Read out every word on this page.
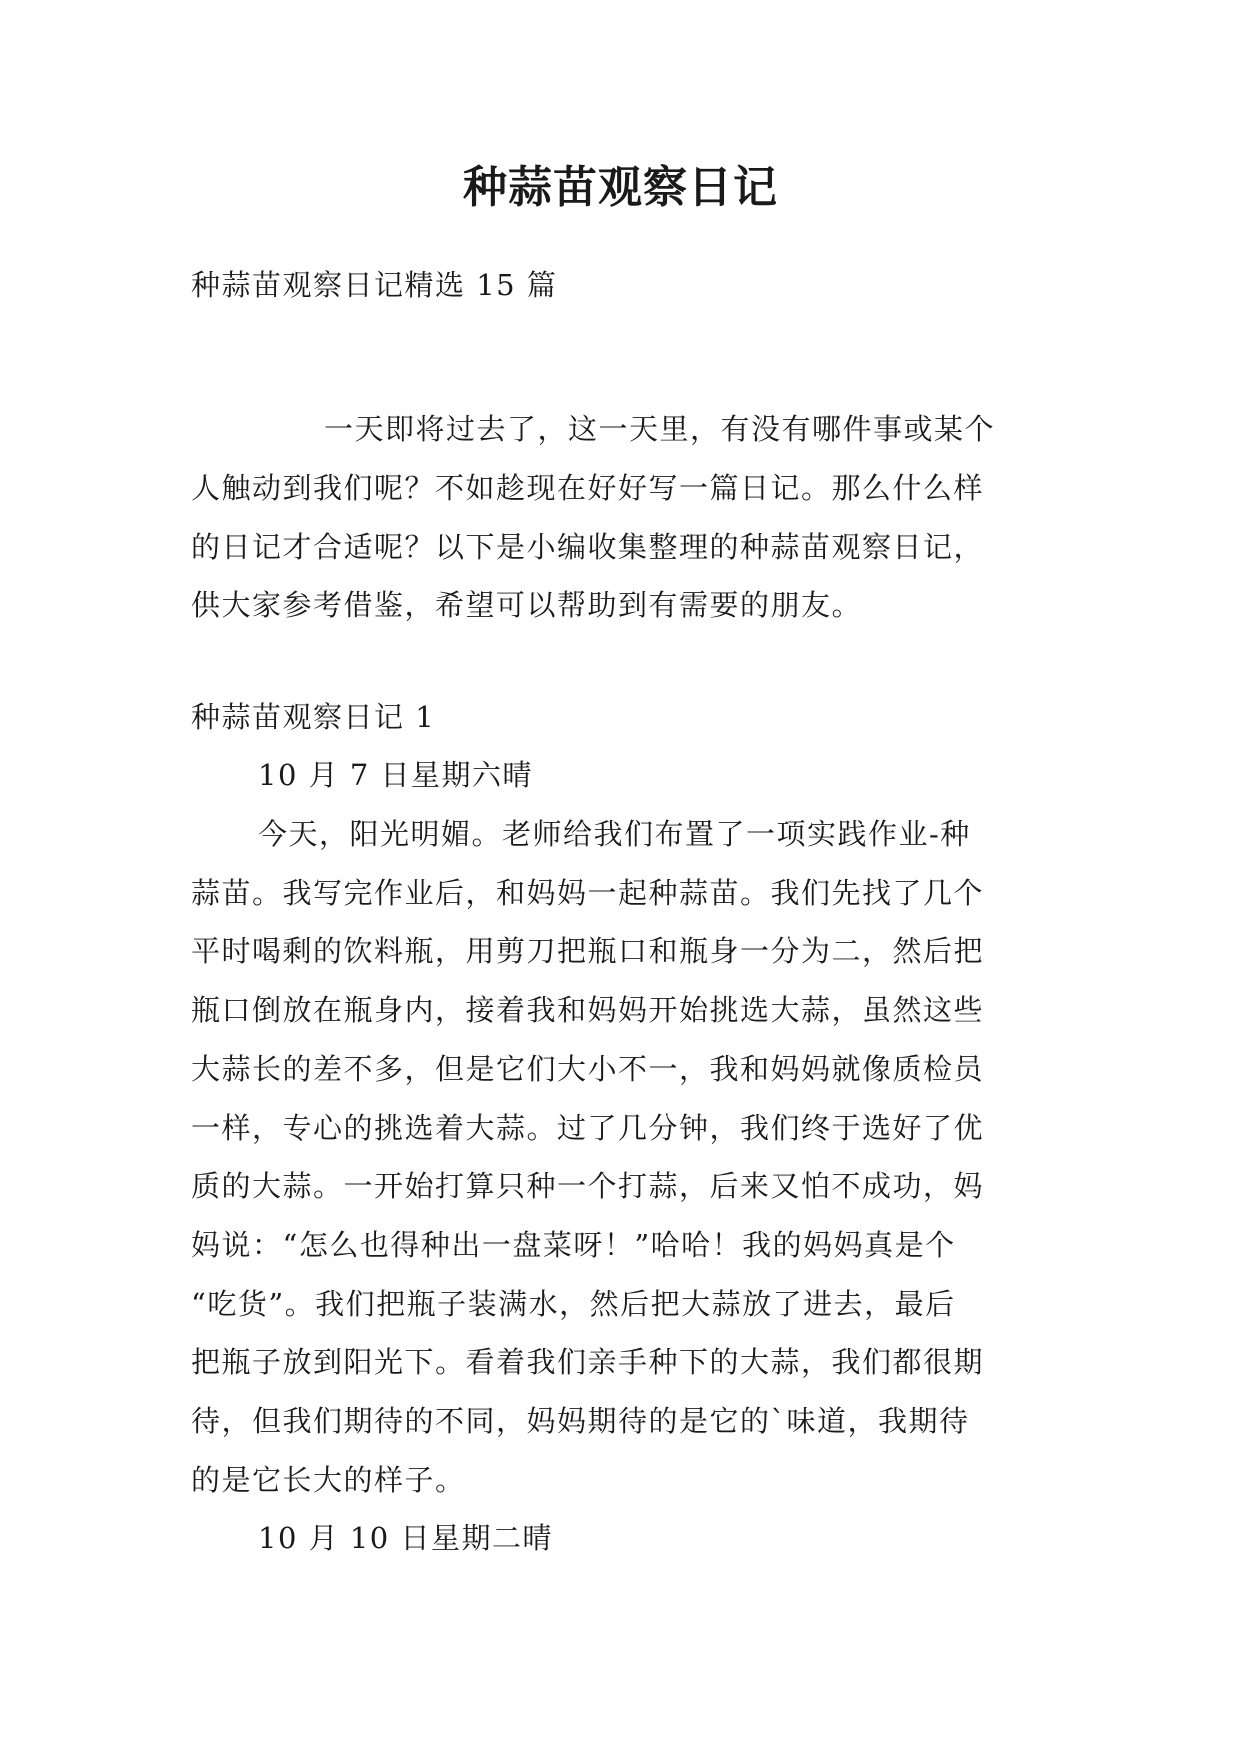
种蒜苗观察日记
种蒜苗观察日记精选 15 篇
一天即将过去了，这一天里，有没有哪件事或某个
人触动到我们呢？不如趁现在好好写一篇日记。那么什么样
的日记才合适呢？以下是小编收集整理的种蒜苗观察日记，
供大家参考借鉴，希望可以帮助到有需要的朋友。
种蒜苗观察日记 1
10 月 7 日星期六晴
今天，阳光明媚。老师给我们布置了一项实践作业-种
蒜苗。我写完作业后，和妈妈一起种蒜苗。我们先找了几个
平时喝剩的饮料瓶，用剪刀把瓶口和瓶身一分为二，然后把
瓶口倒放在瓶身内，接着我和妈妈开始挑选大蒜，虽然这些
大蒜长的差不多，但是它们大小不一，我和妈妈就像质检员
一样，专心的挑选着大蒜。过了几分钟，我们终于选好了优
质的大蒜。一开始打算只种一个打蒜，后来又怕不成功，妈
妈说：“怎么也得种出一盘菜呀！”哈哈！我的妈妈真是个
“吃货”。我们把瓶子装满水，然后把大蒜放了进去，最后
把瓶子放到阳光下。看着我们亲手种下的大蒜，我们都很期
待，但我们期待的不同，妈妈期待的是它的`味道，我期待
的是它长大的样子。
10 月 10 日星期二晴
